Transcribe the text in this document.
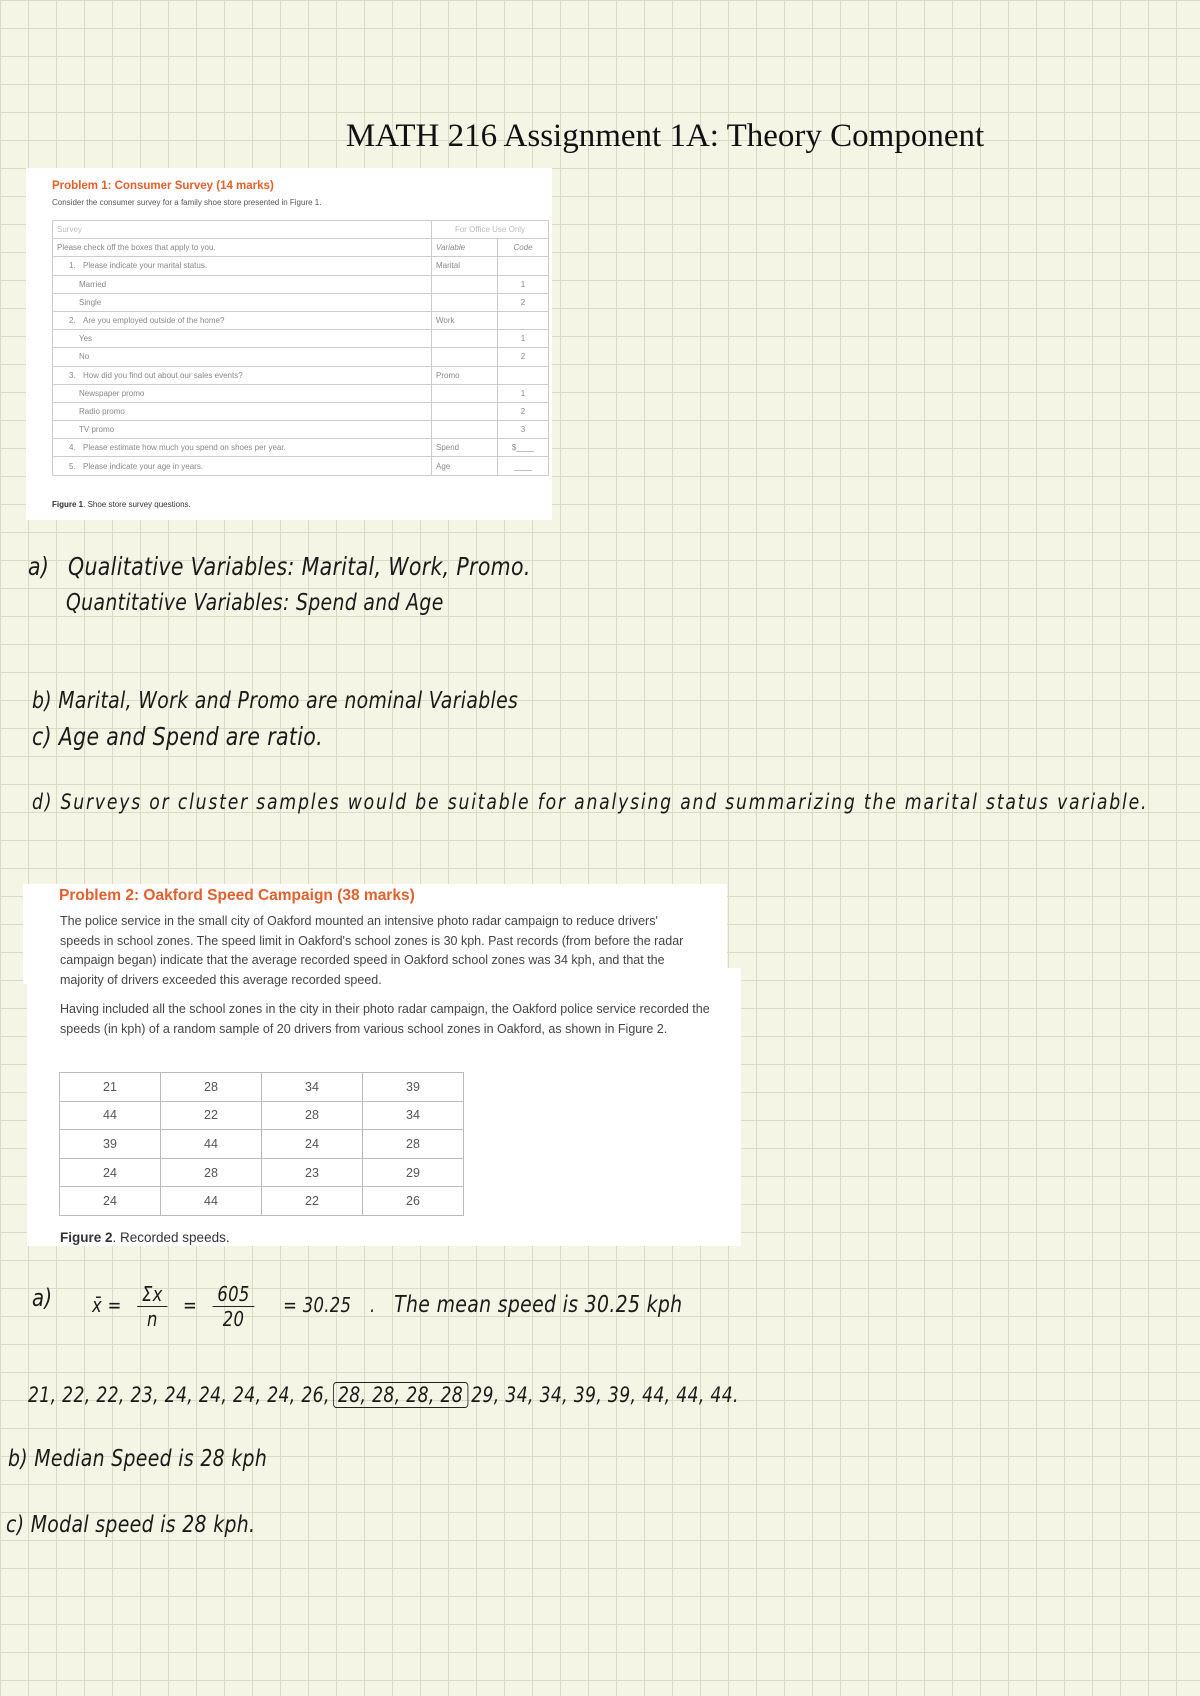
MATH 216 Assignment 1A: Theory Component
Problem 1: Consumer Survey (14 marks)
Consider the consumer survey for a family shoe store presented in Figure 1.
Survey	For Office Use Only	
Please check off the boxes that apply to you.	Variable	Code
1. Please indicate your marital status.	Marital	
Married		1
Single		2
2. Are you employed outside of the home?	Work	
Yes		1
No		2
3. How did you find out about our sales events?	Promo	
Newspaper promo		1
Radio promo		2
TV promo		3
4. Please estimate how much you spend on shoes per year.	Spend	$____
5. Please indicate your age in years.	Age	____
Figure 1. Shoe store survey questions.
a) Qualitative Variables: Marital, Work, Promo.
Quantitative Variables: Spend and Age
b) Marital, Work and Promo are nominal Variables
c) Age and Spend are ratio.
d) Surveys or cluster samples would be suitable for analysing and summarizing the marital status variable.
Problem 2: Oakford Speed Campaign (38 marks)
The police service in the small city of Oakford mounted an intensive photo radar campaign to reduce drivers' speeds in school zones. The speed limit in Oakford's school zones is 30 kph. Past records (from before the radar campaign began) indicate that the average recorded speed in Oakford school zones was 34 kph, and that the majority of drivers exceeded this average recorded speed.
Having included all the school zones in the city in their photo radar campaign, the Oakford police service recorded the speeds (in kph) of a random sample of 20 drivers from various school zones in Oakford, as shown in Figure 2.
21	28	34	39
44	22	28	34
39	44	24	28
24	28	23	29
24	44	22	26
Figure 2. Recorded speeds.
a) x̄ = $\frac{\Sigma x}{n} = \frac{605}{20} = 30.25$ . The mean speed is 30.25 kph
21, 22, 22, 23, 24, 24, 24, 24, 26, 28, 28, 28, 28 29, 34, 34, 39, 39, 44, 44, 44.
b) Median Speed is 28 kph
c) Modal speed is 28 kph.
